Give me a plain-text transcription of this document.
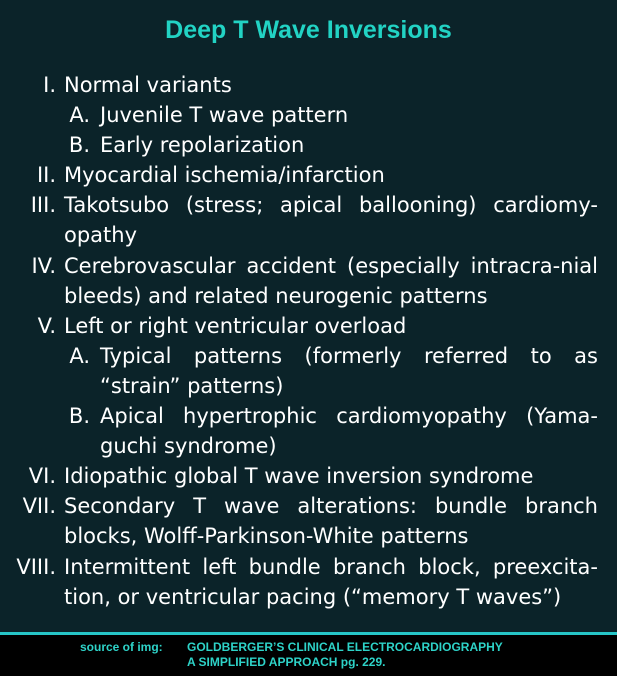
Deep T Wave Inversions
I. Normal variants
A. Juvenile T wave pattern
B. Early repolarization
II. Myocardial ischemia/infarction
III. Takotsubo (stress; apical ballooning) cardiomy-opathy
IV. Cerebrovascular accident (especially intracra-nial bleeds) and related neurogenic patterns
V. Left or right ventricular overload
A. Typical patterns (formerly referred to as “strain” patterns)
B. Apical hypertrophic cardiomyopathy (Yama-guchi syndrome)
VI. Idiopathic global T wave inversion syndrome
VII. Secondary T wave alterations: bundle branch blocks, Wolff-Parkinson-White patterns
VIII. Intermittent left bundle branch block, preexcita-tion, or ventricular pacing (“memory T waves”)
source of img: GOLDBERGER’S CLINICAL ELECTROCARDIOGRAPHY
A SIMPLIFIED APPROACH pg. 229.
